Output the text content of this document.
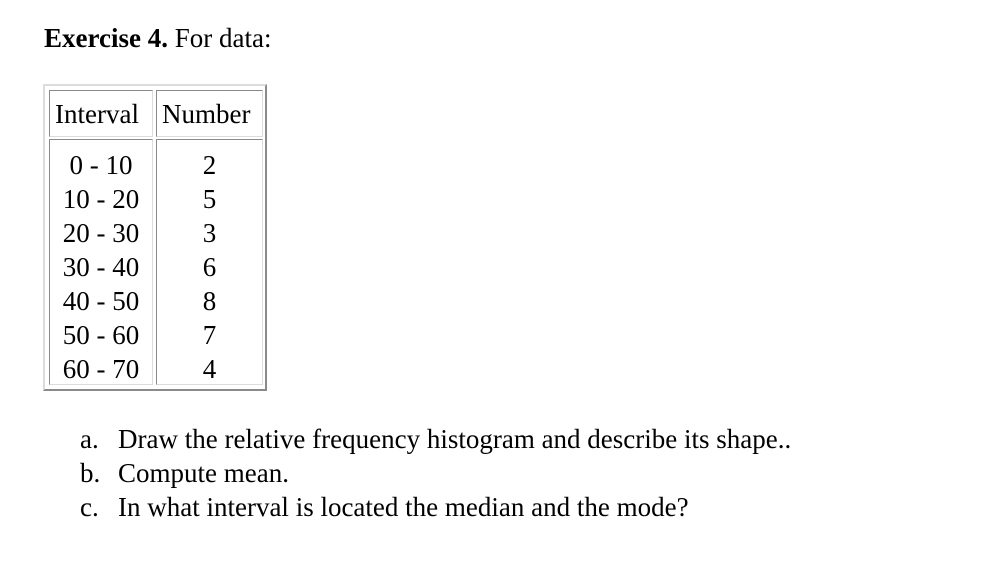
Exercise 4. For data:
Interval Number
0 - 10
10 - 20
20 - 30
30 - 40
40 - 50
50 - 60
60 - 70
2
5
3
6
8
7
4
a. Draw the relative frequency histogram and describe its shape..
b. Compute mean.
c. In what interval is located the median and the mode?
